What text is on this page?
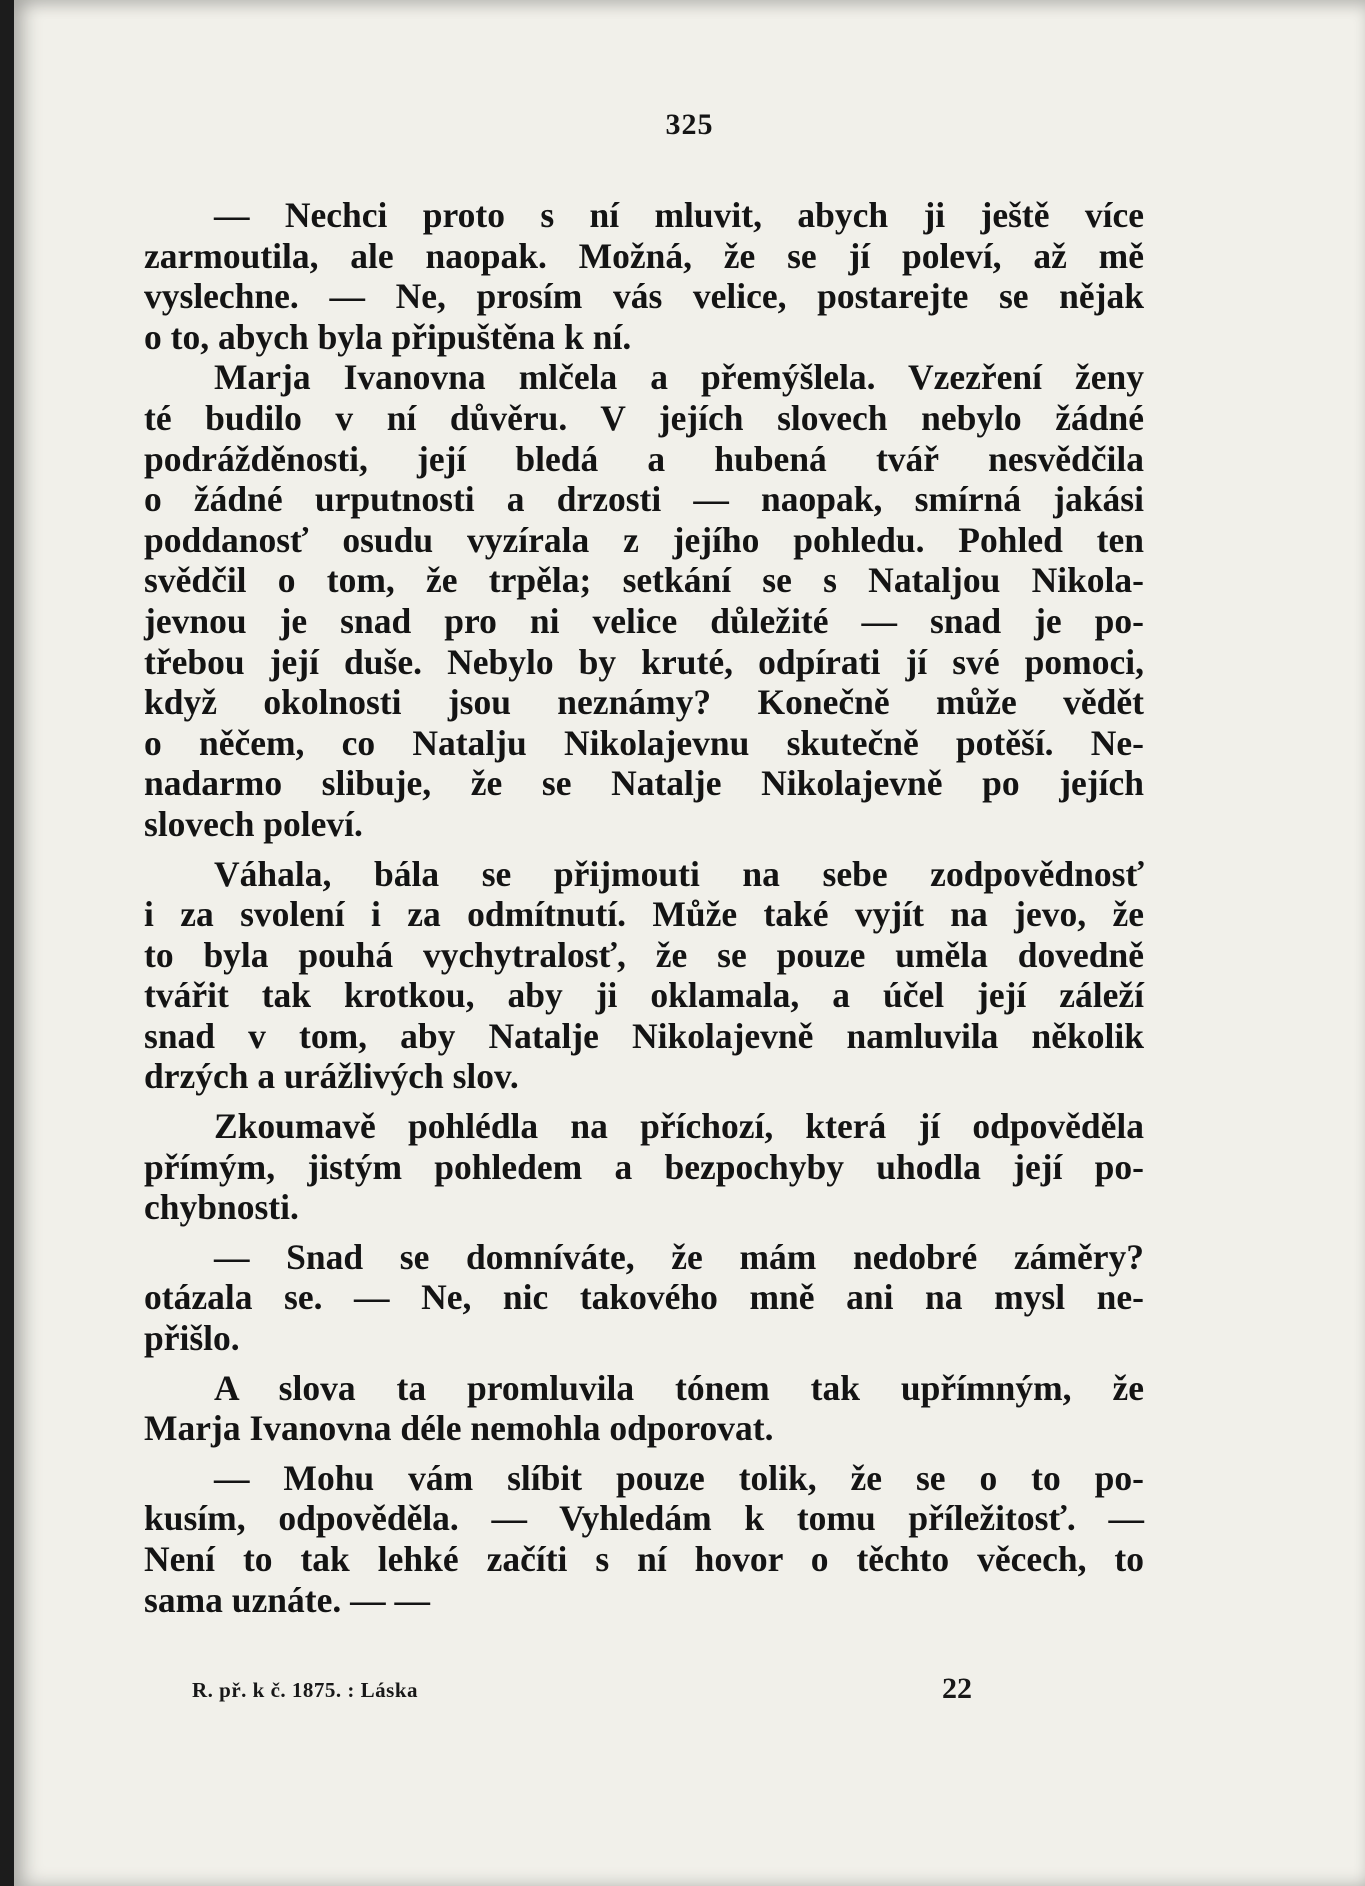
325
— Nechci proto s ní mluvit, abych ji ještě více
zarmoutila, ale naopak. Možná, že se jí poleví, až mě
vyslechne. — Ne, prosím vás velice, postarejte se nějak
o to, abych byla připuštěna k ní.
Marja Ivanovna mlčela a přemýšlela. Vzezření ženy
té budilo v ní důvěru. V jejích slovech nebylo žádné
podrážděnosti, její bledá a hubená tvář nesvědčila
o žádné urputnosti a drzosti — naopak, smírná jakási
poddanosť osudu vyzírala z jejího pohledu. Pohled ten
svědčil o tom, že trpěla; setkání se s Nataljou Nikola-
jevnou je snad pro ni velice důležité — snad je po-
třebou její duše. Nebylo by kruté, odpírati jí své pomoci,
když okolnosti jsou neznámy? Konečně může vědět
o něčem, co Natalju Nikolajevnu skutečně potěší. Ne-
nadarmo slibuje, že se Natalje Nikolajevně po jejích
slovech poleví.
Váhala, bála se přijmouti na sebe zodpovědnosť
i za svolení i za odmítnutí. Může také vyjít na jevo, že
to byla pouhá vychytralosť, že se pouze uměla dovedně
tvářit tak krotkou, aby ji oklamala, a účel její záleží
snad v tom, aby Natalje Nikolajevně namluvila několik
drzých a urážlivých slov.
Zkoumavě pohlédla na příchozí, která jí odpověděla
přímým, jistým pohledem a bezpochyby uhodla její po-
chybnosti.
— Snad se domníváte, že mám nedobré záměry?
otázala se. — Ne, nic takového mně ani na mysl ne-
přišlo.
A slova ta promluvila tónem tak upřímným, že
Marja Ivanovna déle nemohla odporovat.
— Mohu vám slíbit pouze tolik, že se o to po-
kusím, odpověděla. — Vyhledám k tomu příležitosť. —
Není to tak lehké začíti s ní hovor o těchto věcech, to
sama uznáte. — —
R. př. k č. 1875. : Láska	22
